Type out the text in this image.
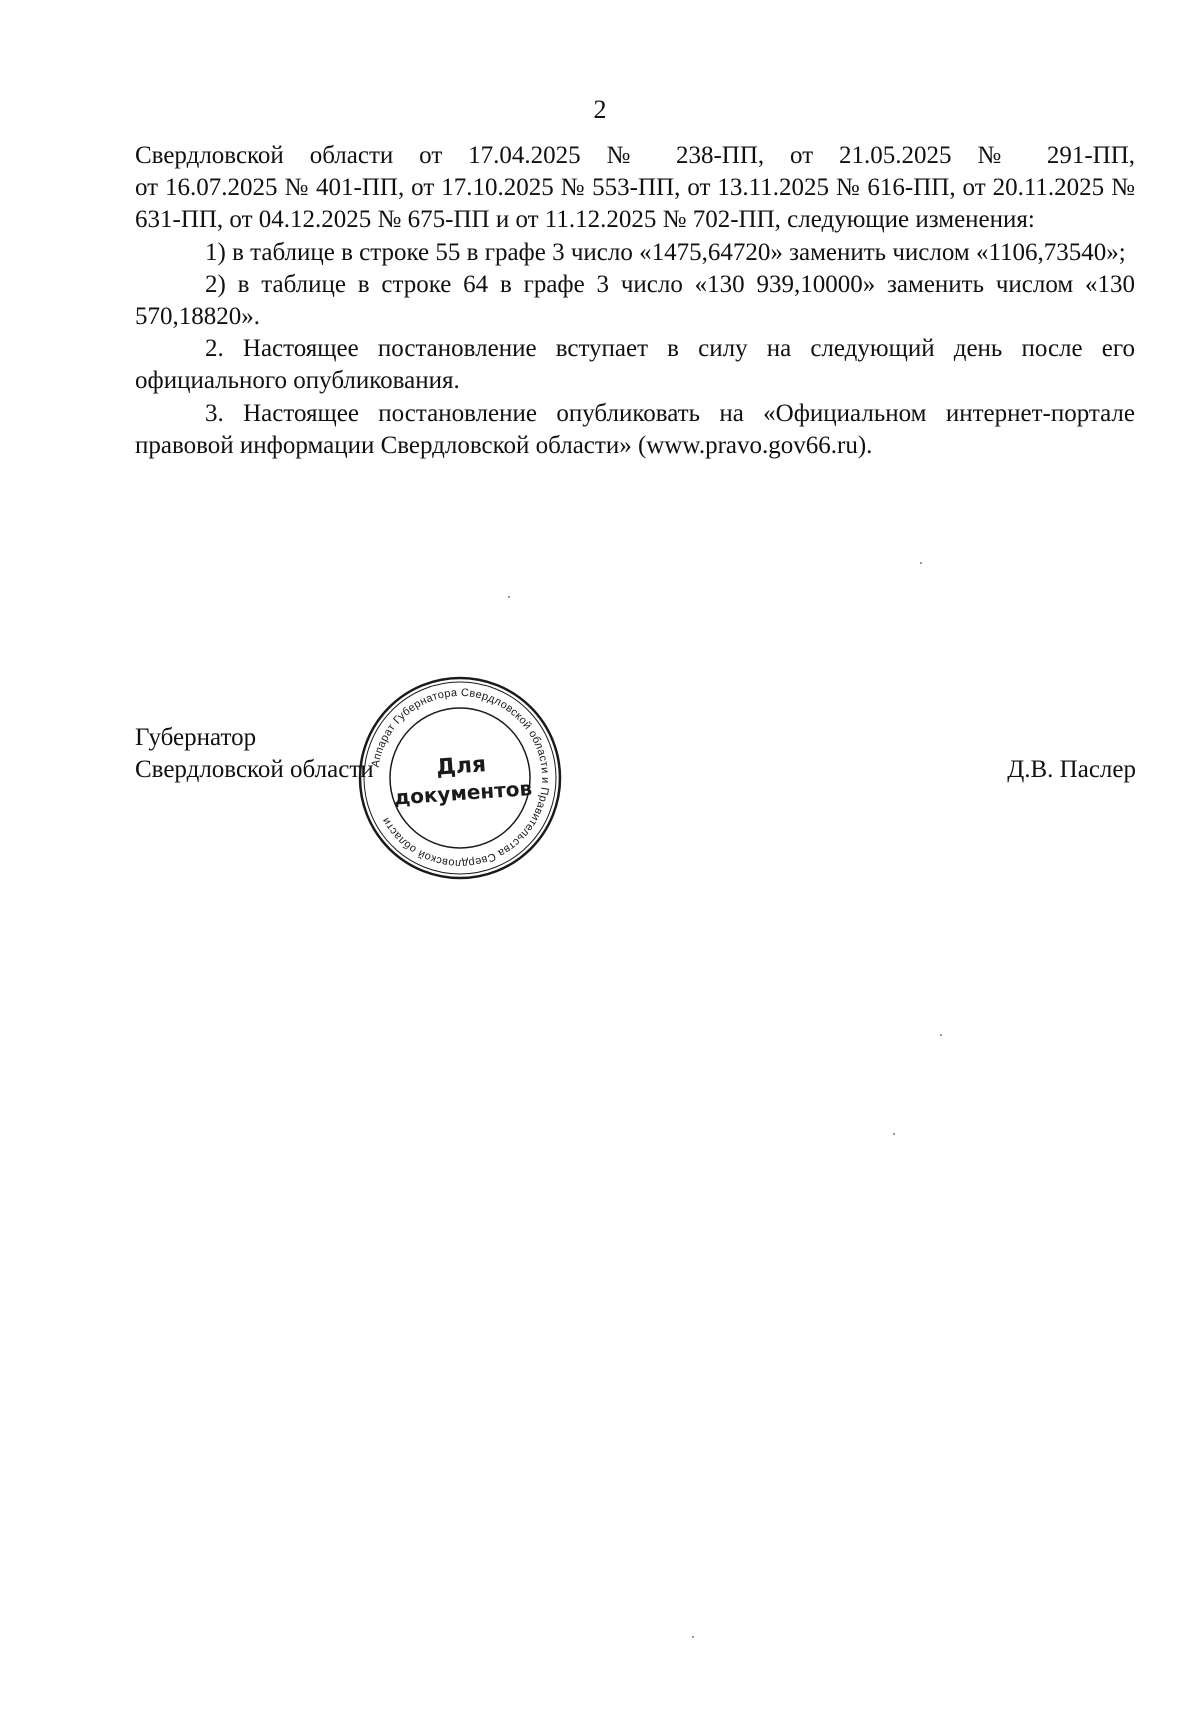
2

Свердловской области от 17.04.2025 № 238-ПП, от 21.05.2025 № 291-ПП,

от 16.07.2025 № 401-ПП, от 17.10.2025 № 553-ПП, от 13.11.2025 № 616-ПП, от 20.11.2025 № 631-ПП, от 04.12.2025 № 675-ПП и от 11.12.2025 № 702-ПП, следующие изменения:

1) в таблице в строке 55 в графе 3 число «1475,64720» заменить числом «1106,73540»;

2) в таблице в строке 64 в графе 3 число «130 939,10000» заменить числом «130 570,18820».

2. Настоящее постановление вступает в силу на следующий день после его официального опубликования.

3. Настоящее постановление опубликовать на «Официальном интернет-портале правовой информации Свердловской области» (www.pravo.gov66.ru).

Губернатор
Свердловской области	Д.В. Паслер
Аппарат Губернатора Свердловской области и Правительства Свердловской области
Для
документов
